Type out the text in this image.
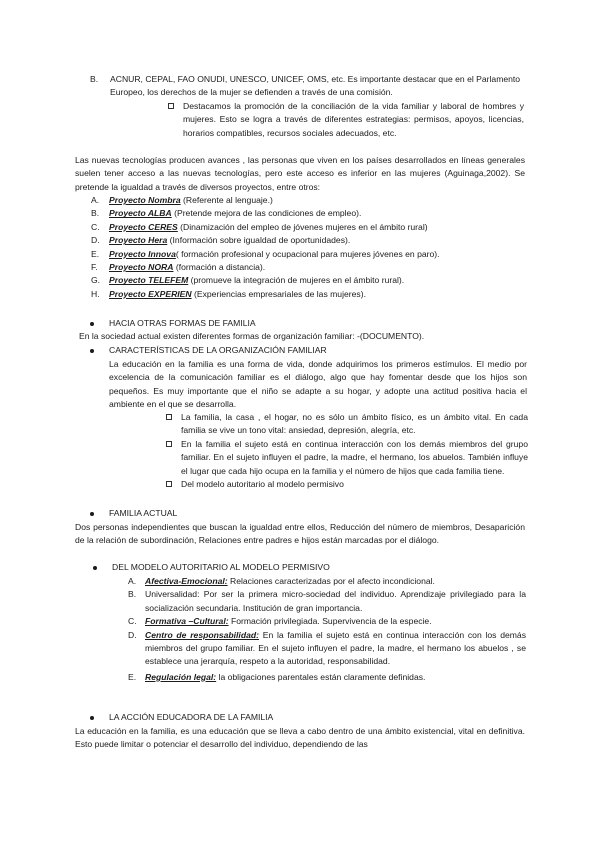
B.	ACNUR, CEPAL, FAO ONUDI, UNESCO, UNICEF, OMS, etc. Es importante destacar que en el Parlamento Europeo, los derechos de la mujer se defienden a través de una comisión.
Destacamos la promoción de la conciliación de la vida familiar y laboral de hombres y mujeres. Esto se logra a través de diferentes estrategias: permisos, apoyos, licencias, horarios compatibles, recursos sociales adecuados, etc.
Las nuevas tecnologías producen avances , las personas que viven en los países desarrollados en líneas generales suelen tener acceso a las nuevas tecnologías, pero este acceso es inferior en las mujeres (Aguinaga,2002). Se pretende la igualdad a través de diversos proyectos, entre otros:
A.	Proyecto Nombra (Referente al lenguaje.)
B.	Proyecto ALBA (Pretende mejora de las condiciones de empleo).
C.	Proyecto CERES (Dinamización del empleo de jóvenes mujeres en el ámbito rural)
D.	Proyecto Hera (Información sobre igualdad de oportunidades).
E.	Proyecto Innova( formación profesional y ocupacional para mujeres jóvenes en paro).
F.	Proyecto NORA (formación a distancia).
G.	Proyecto TELEFEM (promueve la integración de mujeres en el ámbito rural).
H.	Proyecto EXPERIEN (Experiencias empresariales de las mujeres).
HACIA OTRAS FORMAS DE FAMILIA
En la sociedad actual existen diferentes formas de organización familiar: -(DOCUMENTO).
CARACTERÍSTICAS DE LA ORGANIZACIÓN FAMILIAR
La educación en la familia es una forma de vida, donde adquirimos los primeros estímulos. El medio por excelencia de la comunicación familiar es el diálogo, algo que hay fomentar desde que los hijos son pequeños. Es muy importante que el niño se adapte a su hogar, y adopte una actitud positiva hacia el ambiente en el que se desarrolla.
La familia, la casa , el hogar, no es sólo un ámbito físico, es un ámbito vital. En cada familia se vive un tono vital: ansiedad, depresión, alegría, etc.
En la familia el sujeto está en continua interacción con los demás miembros del grupo familiar. En el sujeto influyen el padre, la madre, el hermano, los abuelos. También influye el lugar que cada hijo ocupa en la familia y el número de hijos que cada familia tiene.
Del modelo autoritario al modelo permisivo
FAMILIA ACTUAL
Dos personas independientes que buscan la igualdad entre ellos, Reducción del número de miembros, Desaparición de la relación de subordinación, Relaciones entre padres e hijos están marcadas por el diálogo.
DEL MODELO AUTORITARIO AL MODELO PERMISIVO
A.	Afectiva-Emocional: Relaciones caracterizadas por el afecto incondicional.
B.	Universalidad: Por ser la primera micro-sociedad del individuo. Aprendizaje privilegiado para la socialización secundaria. Institución de gran importancia.
C. Formativa –Cultural: Formación privilegiada. Supervivencia de la especie.
D. Centro de responsabilidad: En la familia el sujeto está en continua interacción con los demás miembros del grupo familiar. En el sujeto influyen el padre, la madre, el hermano los abuelos , se establece una jerarquía, respeto a la autoridad, responsabilidad.
E.	Regulación legal: la obligaciones parentales están claramente definidas.
LA ACCIÓN EDUCADORA DE LA FAMILIA
La educación en la familia, es una educación que se lleva a cabo dentro de una ámbito existencial, vital en definitiva. Esto puede limitar o potenciar el desarrollo del individuo, dependiendo de las
